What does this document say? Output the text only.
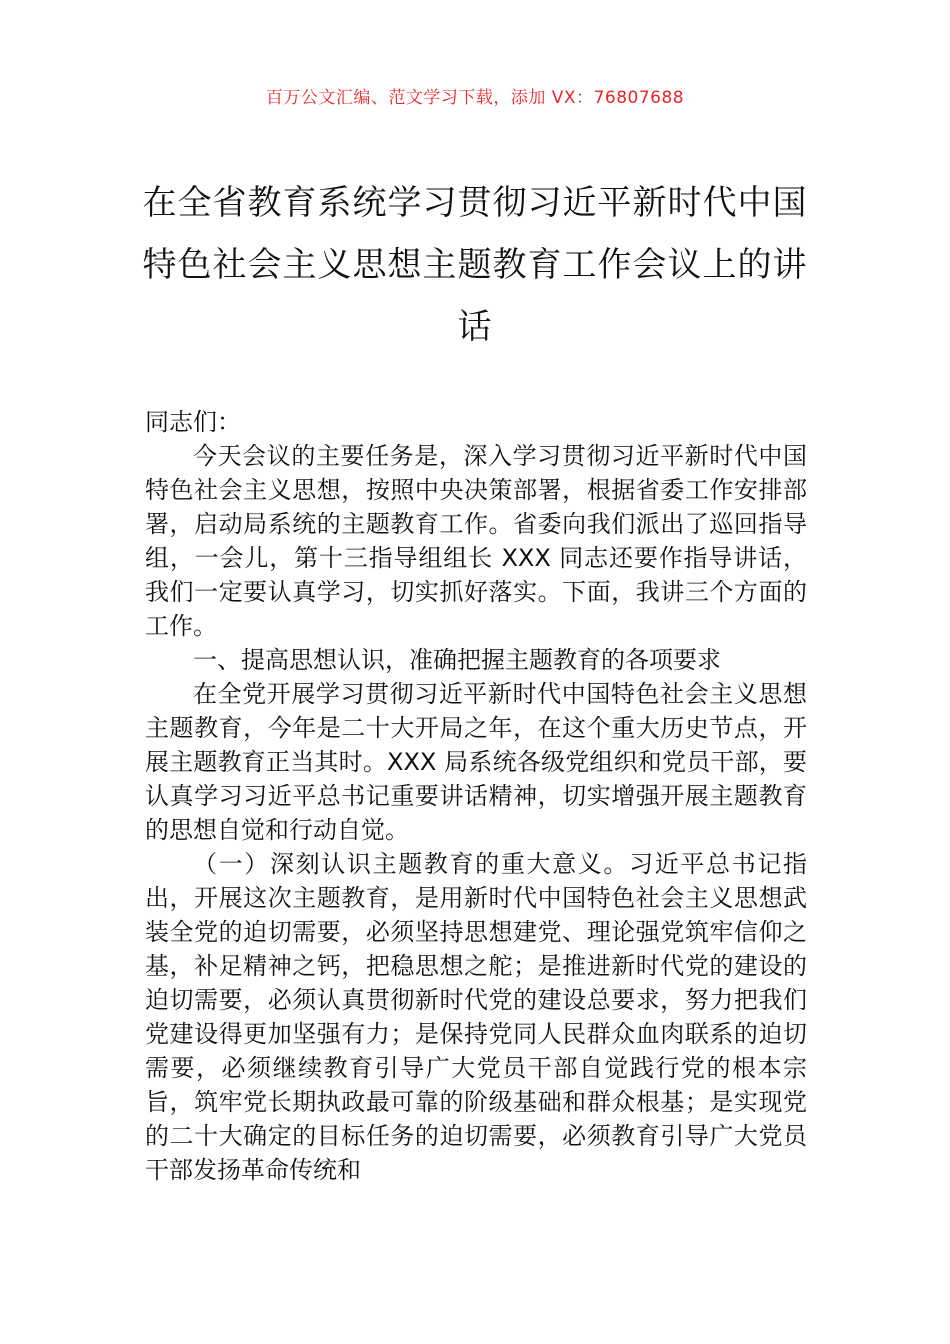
百万公文汇编、范文学习下载，添加 VX：76807688
在全省教育系统学习贯彻习近平新时代中国特色社会主义思想主题教育工作会议上的讲话

同志们：

今天会议的主要任务是，深入学习贯彻习近平新时代中国特色社会主义思想，按照中央决策部署，根据省委工作安排部署，启动局系统的主题教育工作。省委向我们派出了巡回指导组，一会儿，第十三指导组组长 XXX 同志还要作指导讲话，我们一定要认真学习，切实抓好落实。下面，我讲三个方面的工作。

一、提高思想认识，准确把握主题教育的各项要求

在全党开展学习贯彻习近平新时代中国特色社会主义思想主题教育，今年是二十大开局之年，在这个重大历史节点，开展主题教育正当其时。XXX 局系统各级党组织和党员干部，要认真学习习近平总书记重要讲话精神，切实增强开展主题教育的思想自觉和行动自觉。

（一）深刻认识主题教育的重大意义。习近平总书记指出，开展这次主题教育，是用新时代中国特色社会主义思想武装全党的迫切需要，必须坚持思想建党、理论强党筑牢信仰之基，补足精神之钙，把稳思想之舵；是推进新时代党的建设的迫切需要，必须认真贯彻新时代党的建设总要求，努力把我们党建设得更加坚强有力；是保持党同人民群众血肉联系的迫切需要，必须继续教育引导广大党员干部自觉践行党的根本宗旨，筑牢党长期执政最可靠的阶级基础和群众根基；是实现党的二十大确定的目标任务的迫切需要，必须教育引导广大党员干部发扬革命传统和
